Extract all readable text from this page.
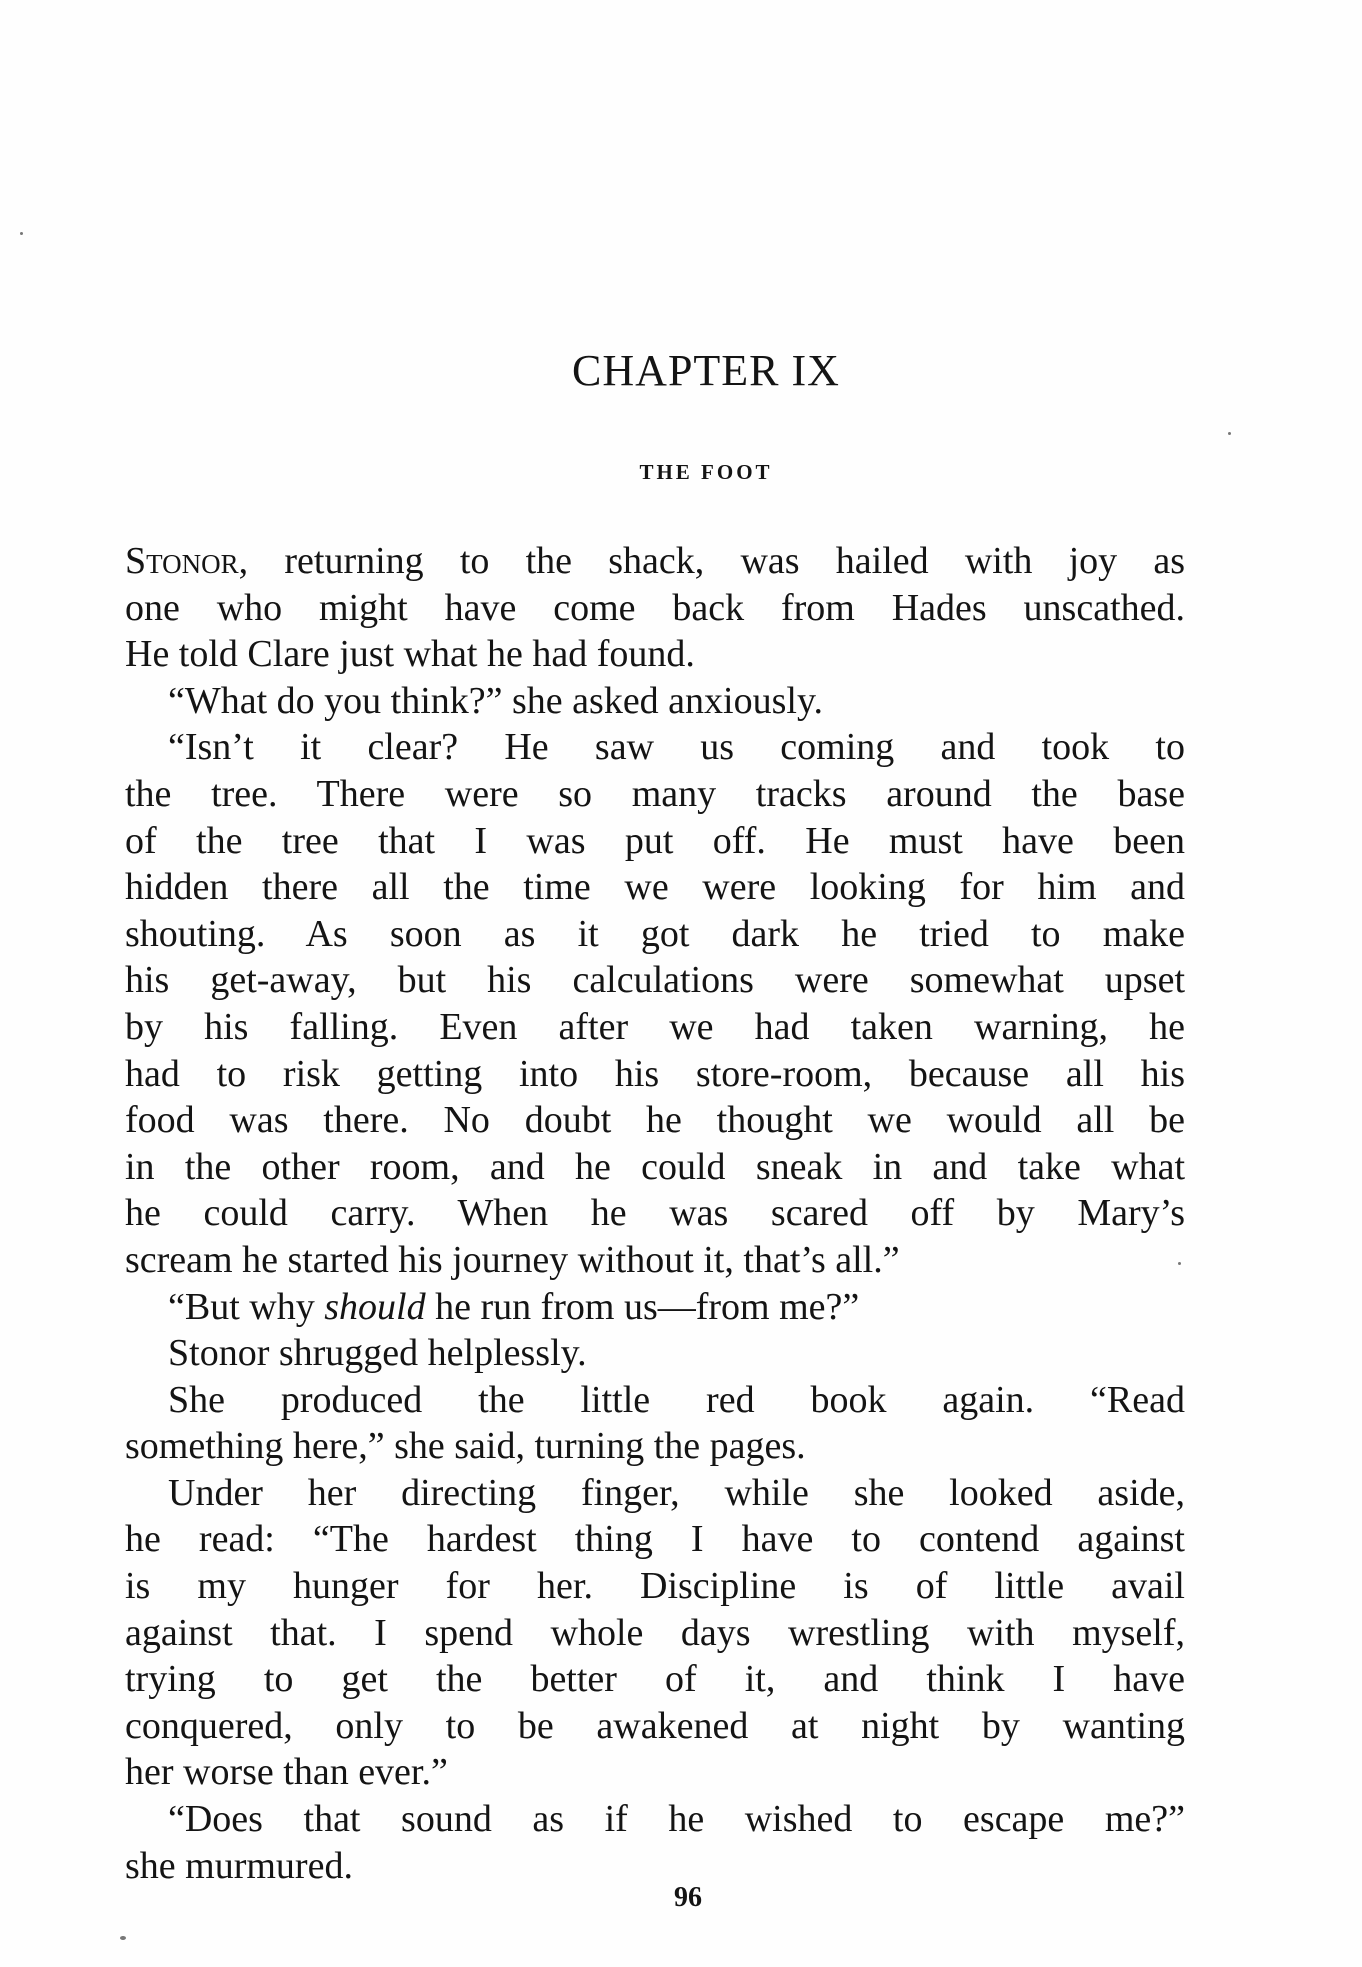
CHAPTER IX
THE FOOT
Stonor, returning to the shack, was hailed with joy as
one who might have come back from Hades unscathed.
He told Clare just what he had found.
“What do you think?” she asked anxiously.
“Isn’t it clear? He saw us coming and took to
the tree. There were so many tracks around the base
of the tree that I was put off. He must have been
hidden there all the time we were looking for him and
shouting. As soon as it got dark he tried to make
his get-away, but his calculations were somewhat upset
by his falling. Even after we had taken warning, he
had to risk getting into his store-room, because all his
food was there. No doubt he thought we would all be
in the other room, and he could sneak in and take what
he could carry. When he was scared off by Mary’s
scream he started his journey without it, that’s all.”
“But why should he run from us—from me?”
Stonor shrugged helplessly.
She produced the little red book again. “Read
something here,” she said, turning the pages.
Under her directing finger, while she looked aside,
he read: “The hardest thing I have to contend against
is my hunger for her. Discipline is of little avail
against that. I spend whole days wrestling with myself,
trying to get the better of it, and think I have
conquered, only to be awakened at night by wanting
her worse than ever.”
“Does that sound as if he wished to escape me?”
she murmured.
96
